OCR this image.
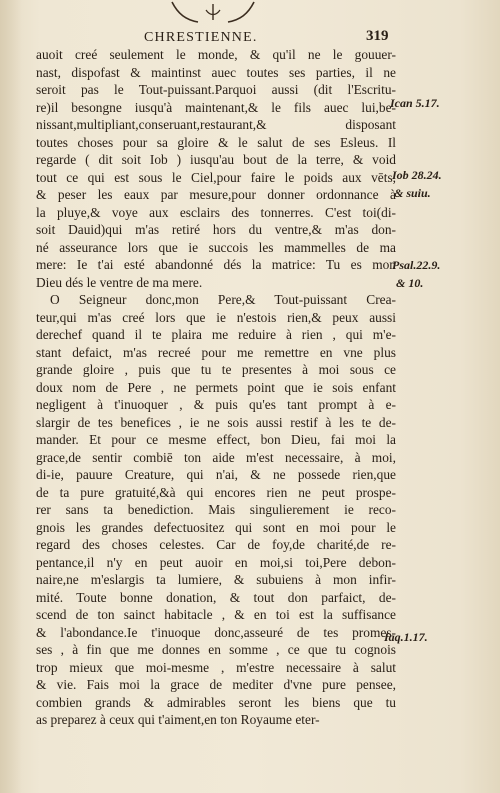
CHRESTIENNE.	319
auoit creé seulement le monde, & qu'il ne le gouuer-
nast, dispofast & maintinst auec toutes ses parties, il ne
seroit pas le Tout-puissant.Parquoi aussi (dit l'Escritu-
re)il besongne iusqu'à maintenant,& le fils auec lui,be-
nissant,multipliant,conseruant,restaurant,& disposant
toutes choses pour sa gloire & le salut de ses Esleus. Il
regarde ( dit soit Iob ) iusqu'au bout de la terre, & void
tout ce qui est sous le Ciel,pour faire le poids aux vēts,
& peser les eaux par mesure,pour donner ordonnance à
la pluye,& voye aux esclairs des tonnerres. C'est toi(di-
soit Dauid)qui m'as retiré hors du ventre,& m'as don-
né asseurance lors que ie succois les mammelles de ma
mere: Ie t'ai esté abandonné dés la matrice: Tu es mon
Dieu dés le ventre de ma mere.
O Seigneur donc,mon Pere,& Tout-puissant Crea-
teur,qui m'as creé lors que ie n'estois rien,& peux aussi
derechef quand il te plaira me reduire à rien , qui m'e-
stant defaict, m'as recreé pour me remettre en vne plus
grande gloire , puis que tu te presentes à moi sous ce
doux nom de Pere , ne permets point que ie sois enfant
negligent à t'inuoquer , & puis qu'es tant prompt à e-
slargir de tes benefices , ie ne sois aussi restif à les te de-
mander. Et pour ce mesme effect, bon Dieu, fai moi la
grace,de sentir combiē ton aide m'est necessaire, à moi,
di-ie, pauure Creature, qui n'ai, & ne possede rien,que
de ta pure gratuité,&à qui encores rien ne peut prospe-
rer sans ta benediction. Mais singulierement ie reco-
gnois les grandes defectuositez qui sont en moi pour le
regard des choses celestes. Car de foy,de charité,de re-
pentance,il n'y en peut auoir en moi,si toi,Pere debon-
naire,ne m'eslargis ta lumiere, & subuiens à mon infir-
mité. Toute bonne donation, & tout don parfaict, de-
scend de ton sainct habitacle , & en toi est la suffisance
& l'abondance.Ie t'inuoque donc,asseuré de tes promes-
ses , à fin que me donnes en somme , ce que tu cognois
trop mieux que moi-mesme , m'estre necessaire à salut
& vie. Fais moi la grace de mediter d'vne pure pensee,
combien grands & admirables seront les biens que tu
as preparez à ceux qui t'aiment,en ton Royaume eter-
Ican 5.17.
Iob 28.24.
& suiu.
Psal.22.9.
& 10.
Iaq.1.17.
